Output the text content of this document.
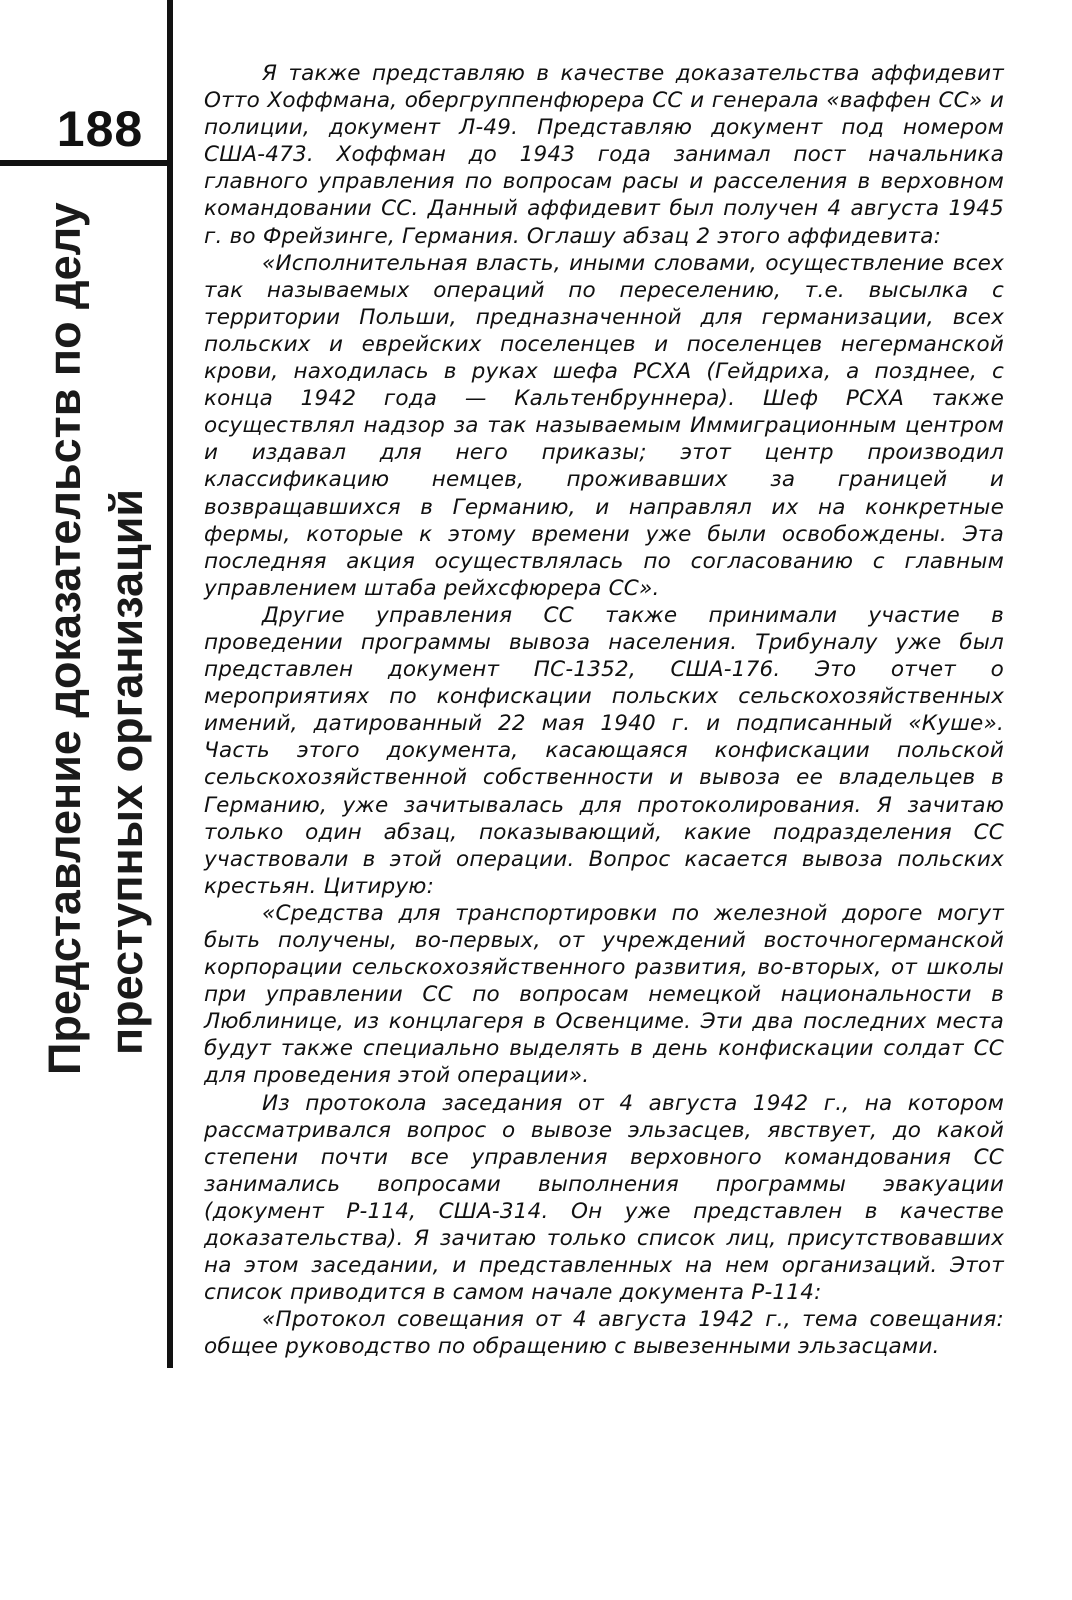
188
Представление доказательств по делу преступных организаций

Я также представляю в качестве доказательства аффидевит Отто Хоффмана, обергруппенфюрера СС и генерала «ваффен СС» и полиции, документ Л-49. Представляю документ под номером США-473. Хоффман до 1943 года занимал пост начальника главного управления по вопросам расы и расселения в верховном командовании СС. Данный аффидевит был получен 4 августа 1945 г. во Фрейзинге, Германия. Оглашу абзац 2 этого аффидевита:

«Исполнительная власть, иными словами, осуществление всех так называемых операций по переселению, т.е. высылка с территории Польши, предназначенной для германизации, всех польских и еврейских поселенцев и поселенцев негерманской крови, находилась в руках шефа РСХА (Гейдриха, а позднее, с конца 1942 года — Кальтенбруннера). Шеф РСХА также осуществлял надзор за так называемым Иммиграционным центром и издавал для него приказы; этот центр производил классификацию немцев, проживавших за границей и возвращавшихся в Германию, и направлял их на конкретные фермы, которые к этому времени уже были освобождены. Эта последняя акция осуществлялась по согласованию с главным управлением штаба рейхсфюрера СС».

Другие управления СС также принимали участие в проведении программы вывоза населения. Трибуналу уже был представлен документ ПС-1352, США-176. Это отчет о мероприятиях по конфискации польских сельскохозяйственных имений, датированный 22 мая 1940 г. и подписанный «Куше». Часть этого документа, касающаяся конфискации польской сельскохозяйственной собственности и вывоза ее владельцев в Германию, уже зачитывалась для протоколирования. Я зачитаю только один абзац, показывающий, какие подразделения СС участвовали в этой операции. Вопрос касается вывоза польских крестьян. Цитирую:

«Средства для транспортировки по железной дороге могут быть получены, во-первых, от учреждений восточногерманской корпорации сельскохозяйственного развития, во-вторых, от школы при управлении СС по вопросам немецкой национальности в Люблинице, из концлагеря в Освенциме. Эти два последних места будут также специально выделять в день конфискации солдат СС для проведения этой операции».

Из протокола заседания от 4 августа 1942 г., на котором рассматривался вопрос о вывозе эльзасцев, явствует, до какой степени почти все управления верховного командования СС занимались вопросами выполнения программы эвакуации (документ Р-114, США-314. Он уже представлен в качестве доказательства). Я зачитаю только список лиц, присутствовавших на этом заседании, и представленных на нем организаций. Этот список приводится в самом начале документа Р-114:

«Протокол совещания от 4 августа 1942 г., тема совещания: общее руководство по обращению с вывезенными эльзасцами.
